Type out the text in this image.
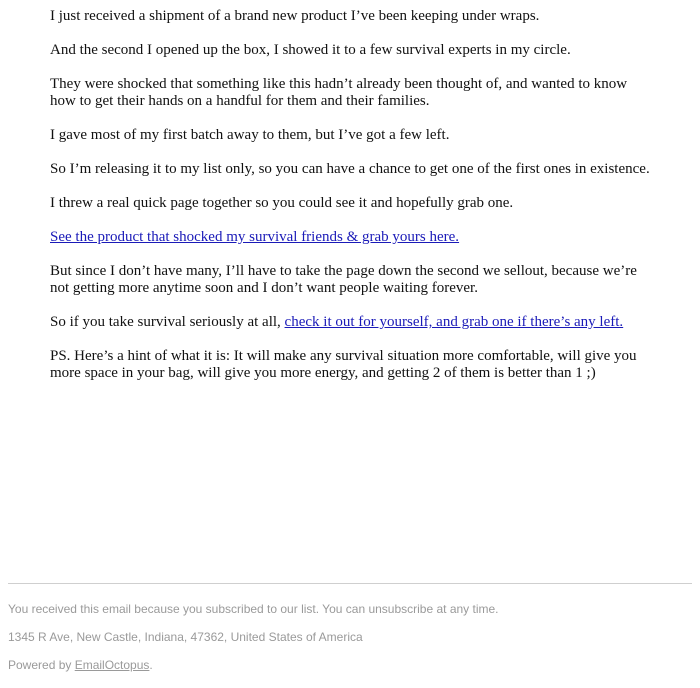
I just received a shipment of a brand new product I’ve been keeping under wraps.

And the second I opened up the box, I showed it to a few survival experts in my circle.

They were shocked that something like this hadn’t already been thought of, and wanted to know how to get their hands on a handful for them and their families.

I gave most of my first batch away to them, but I’ve got a few left.

So I’m releasing it to my list only, so you can have a chance to get one of the first ones in existence.

I threw a real quick page together so you could see it and hopefully grab one.

See the product that shocked my survival friends & grab yours here.

But since I don’t have many, I’ll have to take the page down the second we sellout, because we’re not getting more anytime soon and I don’t want people waiting forever.

So if you take survival seriously at all, check it out for yourself, and grab one if there’s any left.

PS. Here’s a hint of what it is: It will make any survival situation more comfortable, will give you more space in your bag, will give you more energy, and getting 2 of them is better than 1 ;)

You received this email because you subscribed to our list. You can unsubscribe at any time.

1345 R Ave, New Castle, Indiana, 47362, United States of America

Powered by EmailOctopus.
